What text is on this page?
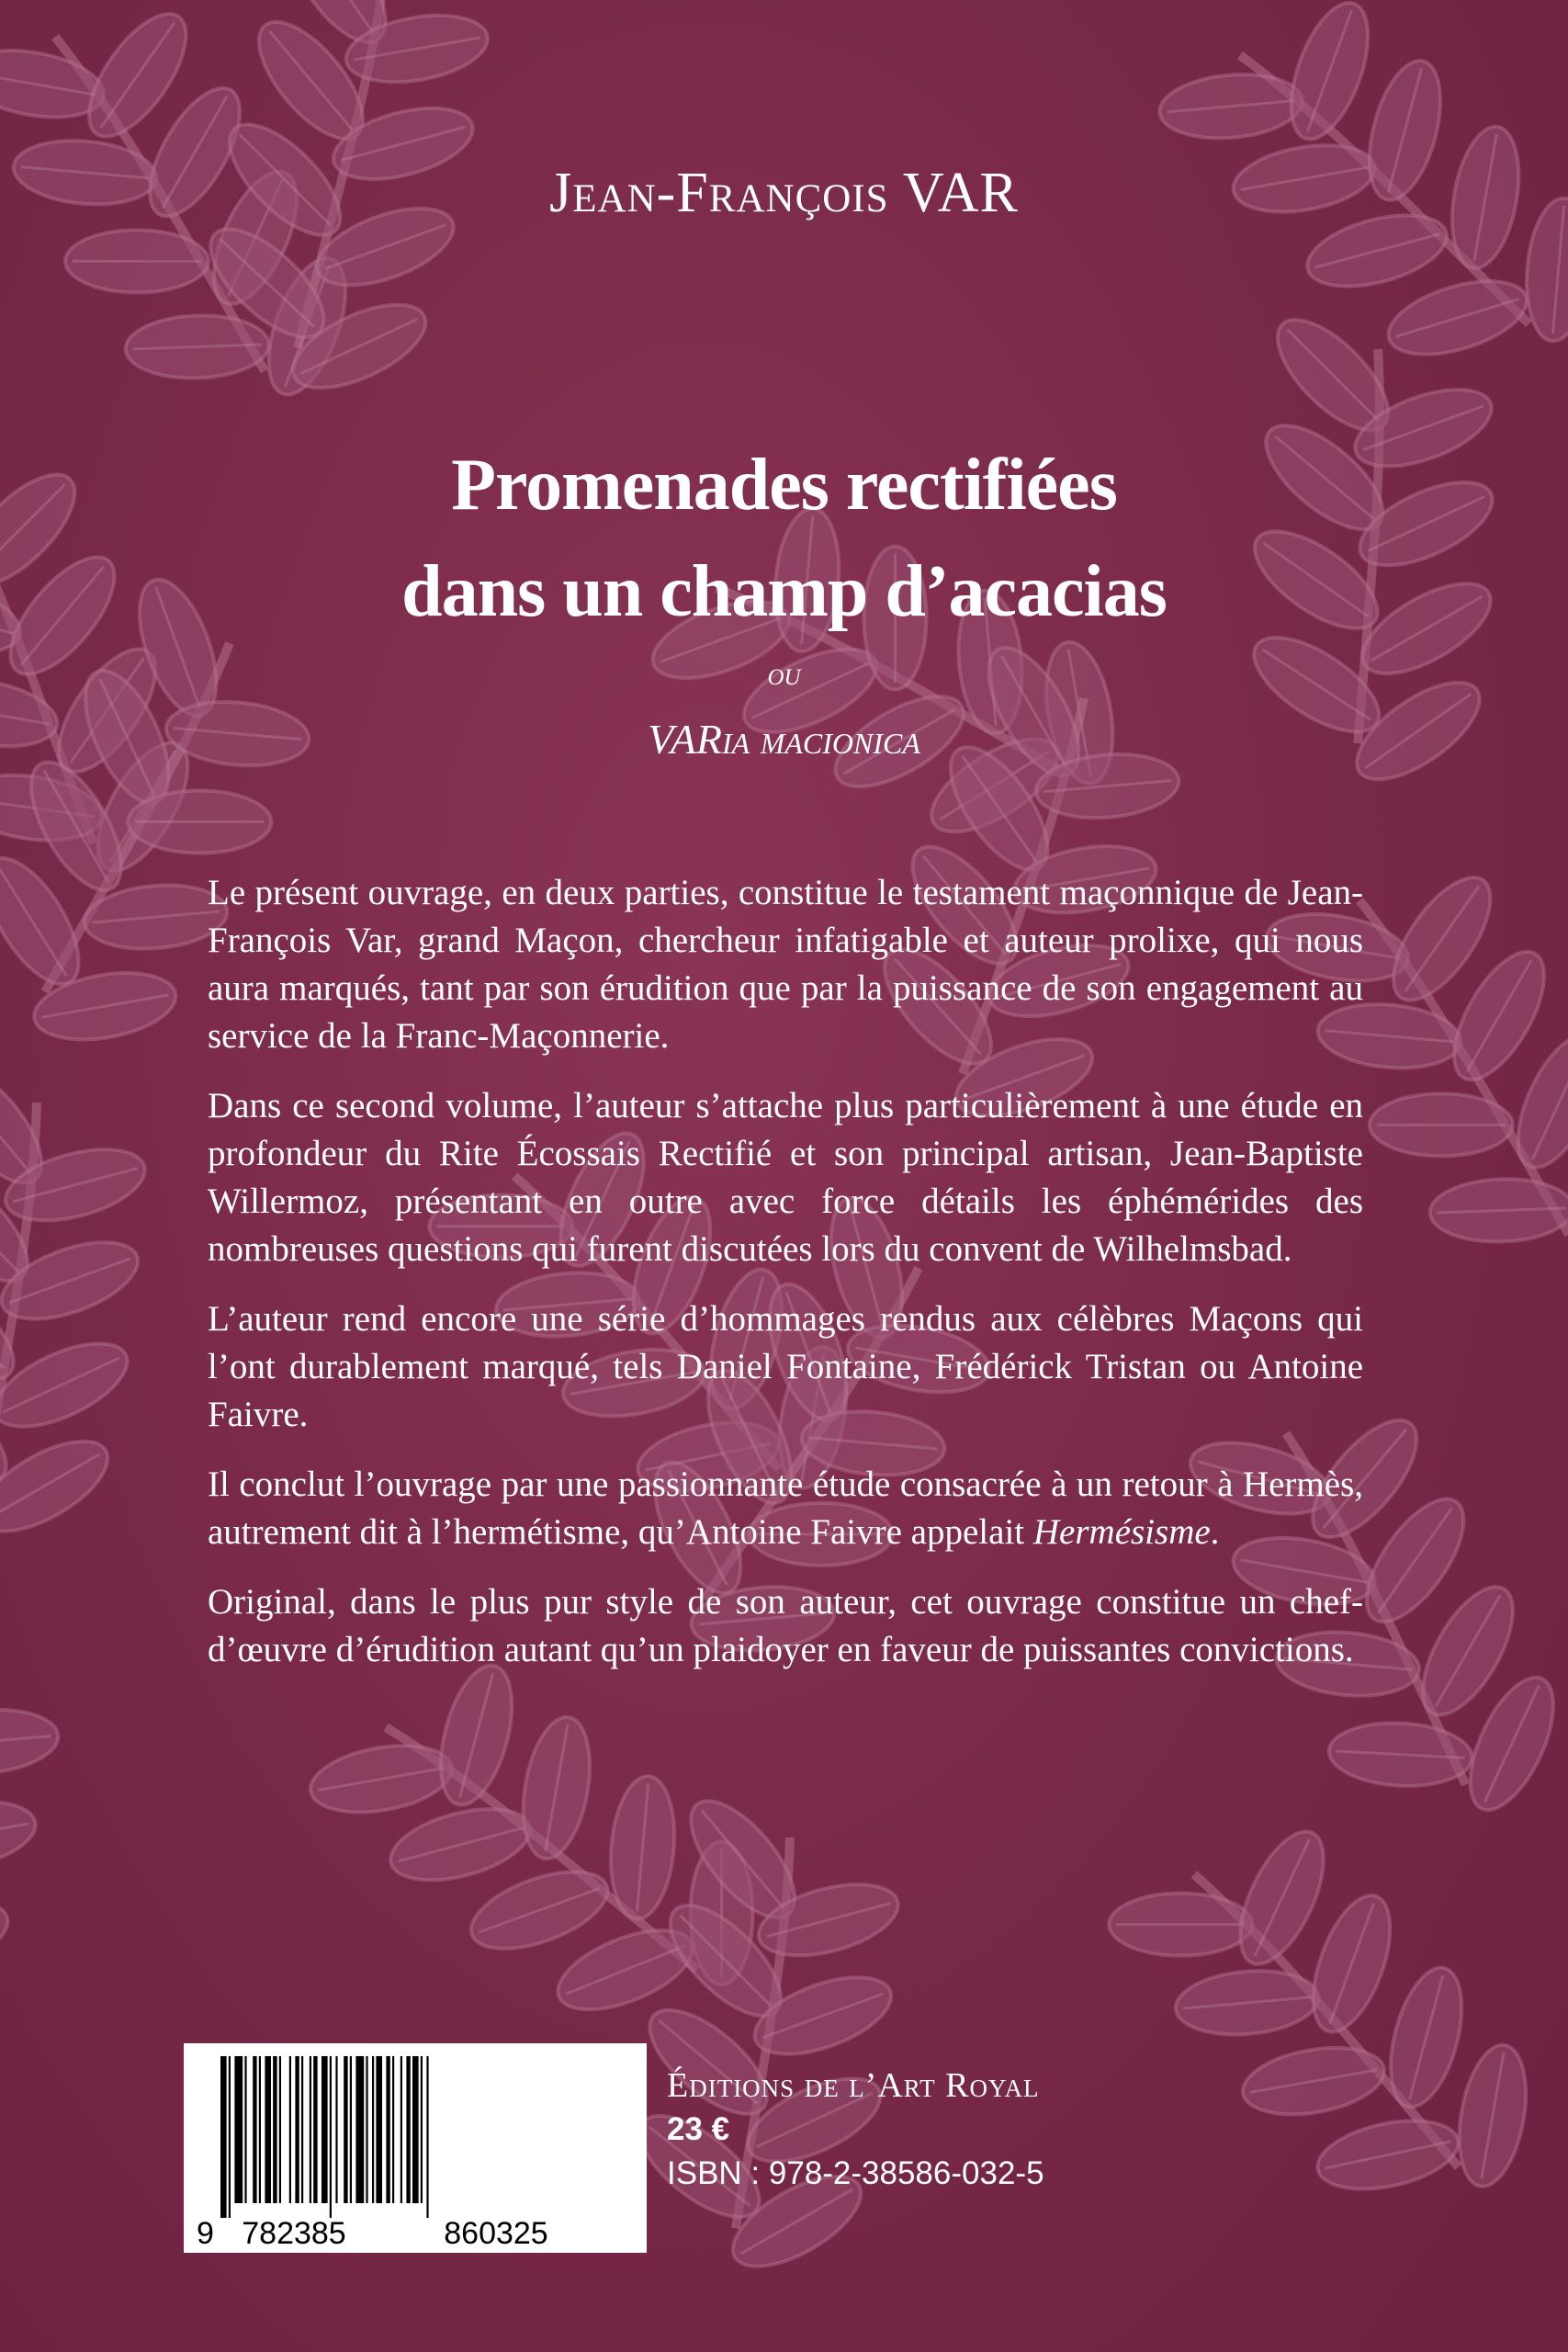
Jean-François VAR
Promenades rectifiées
dans un champ d’acacias
ou
VARia macionica

Le présent ouvrage, en deux parties, constitue le testament maçonnique de Jean-François Var, grand Maçon, chercheur infatigable et auteur prolixe, qui nous aura marqués, tant par son érudition que par la puissance de son engagement au service de la Franc-Maçonnerie.

Dans ce second volume, l’auteur s’attache plus particulièrement à une étude en profondeur du Rite Écossais Rectifié et son principal artisan, Jean-Baptiste Willermoz, présentant en outre avec force détails les éphémérides des nombreuses questions qui furent discutées lors du convent de Wilhelmsbad.

L’auteur rend encore une série d’hommages rendus aux célèbres Maçons qui l’ont durablement marqué, tels Daniel Fontaine, Frédérick Tristan ou Antoine Faivre.

Il conclut l’ouvrage par une passionnante étude consacrée à un retour à Hermès, autrement dit à l’hermétisme, qu’Antoine Faivre appelait Hermésisme.

Original, dans le plus pur style de son auteur, cet ouvrage constitue un chef-d’œuvre d’érudition autant qu’un plaidoyer en faveur de puissantes convictions.

9 782385	860325
Éditions de l’Art Royal
23 €
ISBN : 978-2-38586-032-5
